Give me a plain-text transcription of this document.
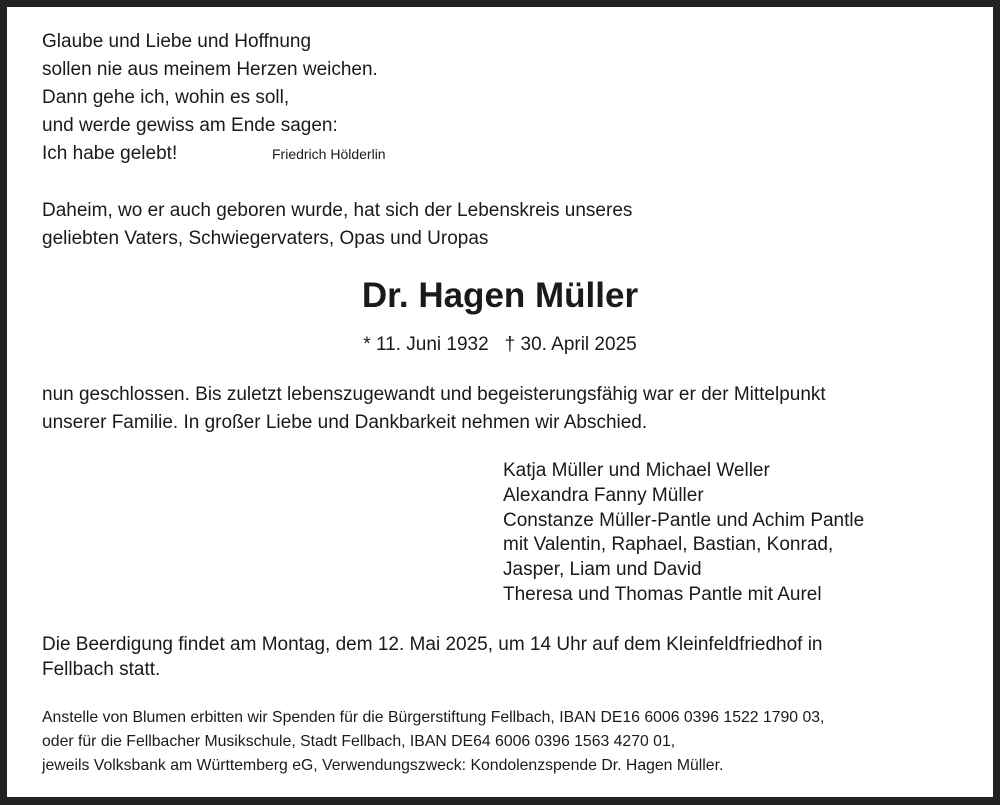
Glaube und Liebe und Hoffnung
sollen nie aus meinem Herzen weichen.
Dann gehe ich, wohin es soll,
und werde gewiss am Ende sagen:
Ich habe gelebt!	Friedrich Hölderlin
Daheim, wo er auch geboren wurde, hat sich der Lebenskreis unseres
geliebten Vaters, Schwiegervaters, Opas und Uropas
Dr. Hagen Müller
* 11. Juni 1932 † 30. April 2025
nun geschlossen. Bis zuletzt lebenszugewandt und begeisterungsfähig war er der Mittelpunkt
unserer Familie. In großer Liebe und Dankbarkeit nehmen wir Abschied.
Katja Müller und Michael Weller
Alexandra Fanny Müller
Constanze Müller-Pantle und Achim Pantle
mit Valentin, Raphael, Bastian, Konrad,
Jasper, Liam und David
Theresa und Thomas Pantle mit Aurel
Die Beerdigung findet am Montag, dem 12. Mai 2025, um 14 Uhr auf dem Kleinfeldfriedhof in
Fellbach statt.
Anstelle von Blumen erbitten wir Spenden für die Bürgerstiftung Fellbach, IBAN DE16 6006 0396 1522 1790 03,
oder für die Fellbacher Musikschule, Stadt Fellbach, IBAN DE64 6006 0396 1563 4270 01,
jeweils Volksbank am Württemberg eG, Verwendungszweck: Kondolenzspende Dr. Hagen Müller.
